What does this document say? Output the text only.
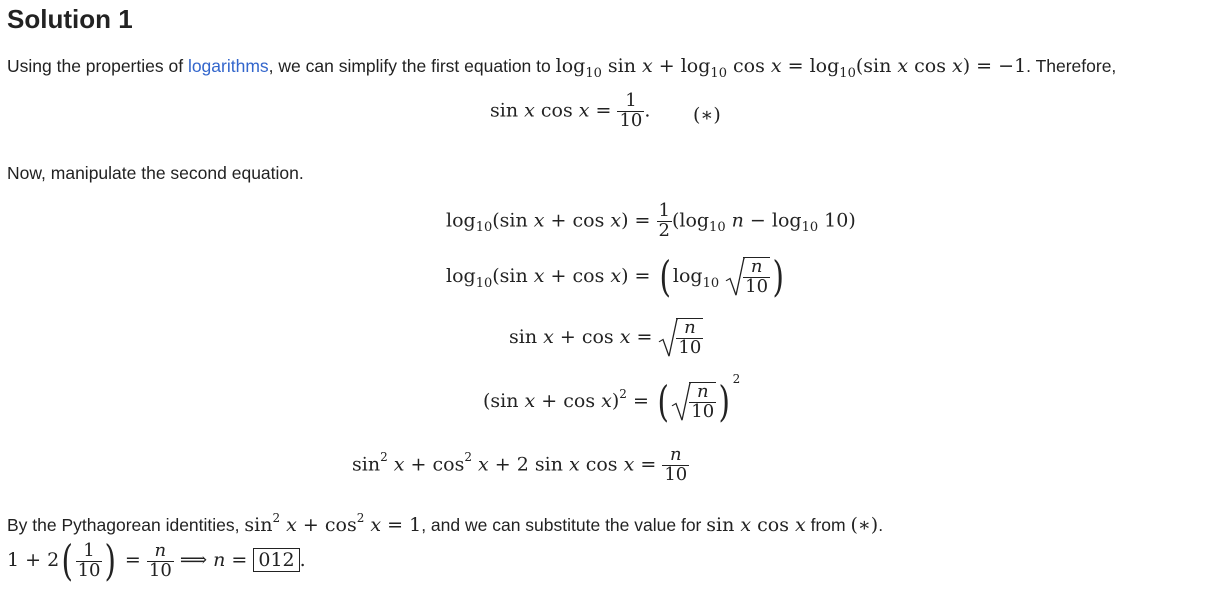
Solution 1
Using the properties of logarithms, we can simplify the first equation to $\log_{10} \sin x + \log_{10} \cos x = \log_{10}(\sin$ x cos x) = −1. Therefore,
sin x $\cos x = \frac{1}{10}$ . (∗)
Now, manipulate the second equation.
$\log_{10}(\sin$ $x + \cos x) = \frac{1}{2} (\log_{10}$ $n - \log_{10} 10$)
$\log_{10}(\sin$ x + cos x) = ( $\log_{10} \frac{n}{10}$ )
$\sin x + \cos x = \frac{n}{10}$
(sin x + cos x)$^2$ = ( $\frac{n}{10}$ ) $^2$
$\sin^2 x + \cos^2 x + 2$ sin x $\cos x = \frac{n}{10}$
By the Pythagorean identities, $\sin^2 x + \cos^2 x = 1$, and we can substitute the value for sin x cos x from (∗).
$1 + 2( \frac{1}{10}$ ) = $\frac{n}{10}$ ⟹ n = 012 .
